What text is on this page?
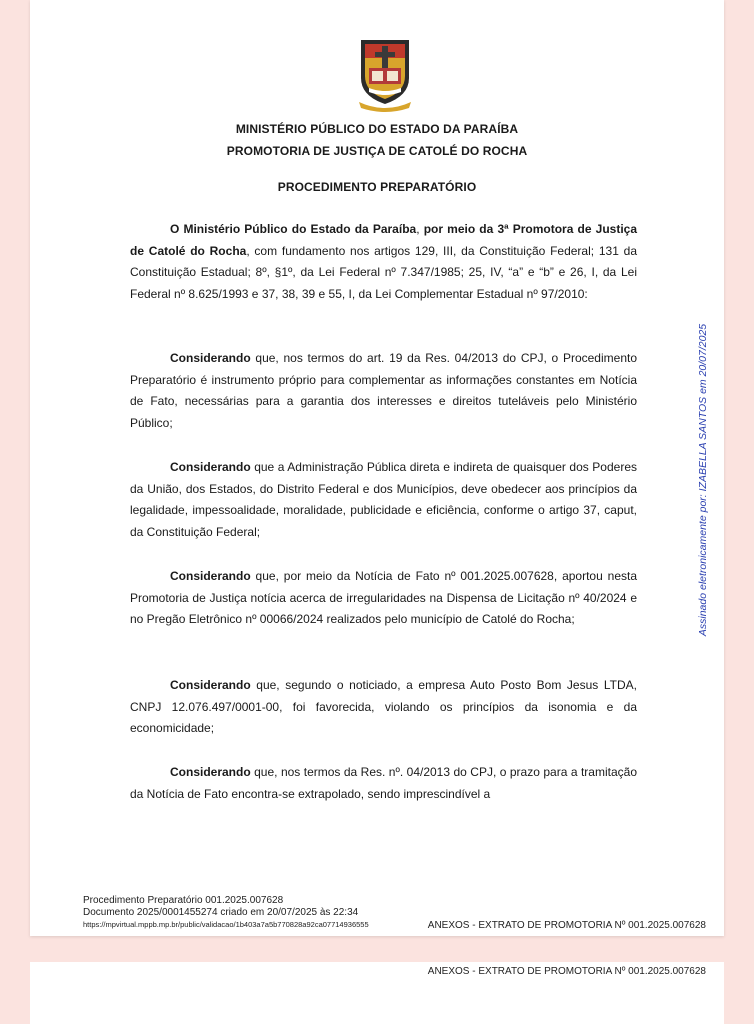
MINISTÉRIO PÚBLICO DO ESTADO DA PARAÍBA
PROMOTORIA DE JUSTIÇA DE CATOLÉ DO ROCHA
PROCEDIMENTO PREPARATÓRIO

O Ministério Público do Estado da Paraíba, por meio da 3ª Promotora de Justiça de Catolé do Rocha, com fundamento nos artigos 129, III, da Constituição Federal; 131 da Constituição Estadual; 8º, §1º, da Lei Federal nº 7.347/1985; 25, IV, “a” e “b” e 26, I, da Lei Federal nº 8.625/1993 e 37, 38, 39 e 55, I, da Lei Complementar Estadual nº 97/2010:

Considerando que, nos termos do art. 19 da Res. 04/2013 do CPJ, o Procedimento Preparatório é instrumento próprio para complementar as informações constantes em Notícia de Fato, necessárias para a garantia dos interesses e direitos tuteláveis pelo Ministério Público;

Considerando que a Administração Pública direta e indireta de quaisquer dos Poderes da União, dos Estados, do Distrito Federal e dos Municípios, deve obedecer aos princípios da legalidade, impessoalidade, moralidade, publicidade e eficiência, conforme o artigo 37, caput, da Constituição Federal;

Considerando que, por meio da Notícia de Fato nº 001.2025.007628, aportou nesta Promotoria de Justiça notícia acerca de irregularidades na Dispensa de Licitação nº 40/2024 e no Pregão Eletrônico nº 00066/2024 realizados pelo município de Catolé do Rocha;

Considerando que, segundo o noticiado, a empresa Auto Posto Bom Jesus LTDA, CNPJ 12.076.497/0001-00, foi favorecida, violando os princípios da isonomia e da economicidade;

Considerando que, nos termos da Res. nº. 04/2013 do CPJ, o prazo para a tramitação da Notícia de Fato encontra-se extrapolado, sendo imprescindível a

Procedimento Preparatório 001.2025.007628
Documento 2025/0001455274 criado em 20/07/2025 às 22:34
https://mpvirtual.mppb.mp.br/public/validacao/1b403a7a5b770828a92ca07714936555	ANEXOS - EXTRATO DE PROMOTORIA Nº 001.2025.007628
Assinado eletronicamente por: IZABELLA SANTOS em 20/07/2025
ANEXOS - EXTRATO DE PROMOTORIA Nº 001.2025.007628
